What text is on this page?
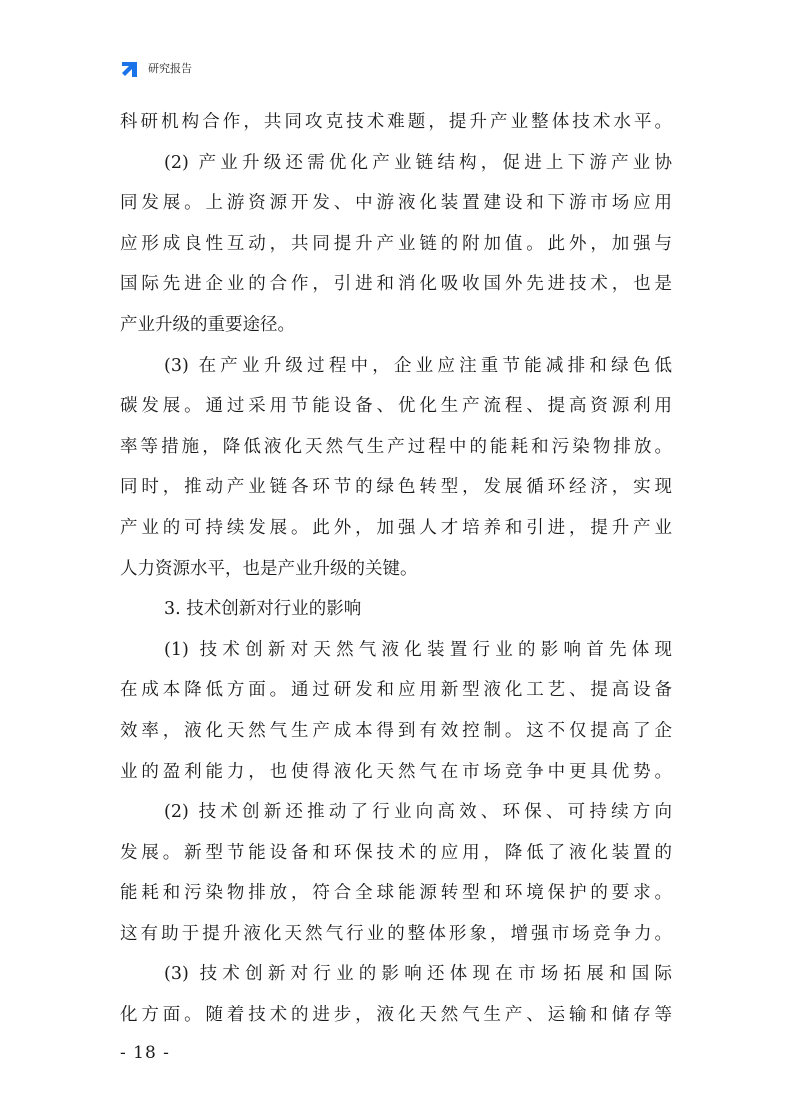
研究报告
科研机构合作，共同攻克技术难题，提升产业整体技术水平。
(2) 产业升级还需优化产业链结构，促进上下游产业协
同发展。上游资源开发、中游液化装置建设和下游市场应用
应形成良性互动，共同提升产业链的附加值。此外，加强与
国际先进企业的合作，引进和消化吸收国外先进技术，也是
产业升级的重要途径。
(3) 在产业升级过程中，企业应注重节能减排和绿色低
碳发展。通过采用节能设备、优化生产流程、提高资源利用
率等措施，降低液化天然气生产过程中的能耗和污染物排放。
同时，推动产业链各环节的绿色转型，发展循环经济，实现
产业的可持续发展。此外，加强人才培养和引进，提升产业
人力资源水平，也是产业升级的关键。
3. 技术创新对行业的影响
(1) 技术创新对天然气液化装置行业的影响首先体现
在成本降低方面。通过研发和应用新型液化工艺、提高设备
效率，液化天然气生产成本得到有效控制。这不仅提高了企
业的盈利能力，也使得液化天然气在市场竞争中更具优势。
(2) 技术创新还推动了行业向高效、环保、可持续方向
发展。新型节能设备和环保技术的应用，降低了液化装置的
能耗和污染物排放，符合全球能源转型和环境保护的要求。
这有助于提升液化天然气行业的整体形象，增强市场竞争力。
(3) 技术创新对行业的影响还体现在市场拓展和国际
化方面。随着技术的进步，液化天然气生产、运输和储存等
- 18 -
